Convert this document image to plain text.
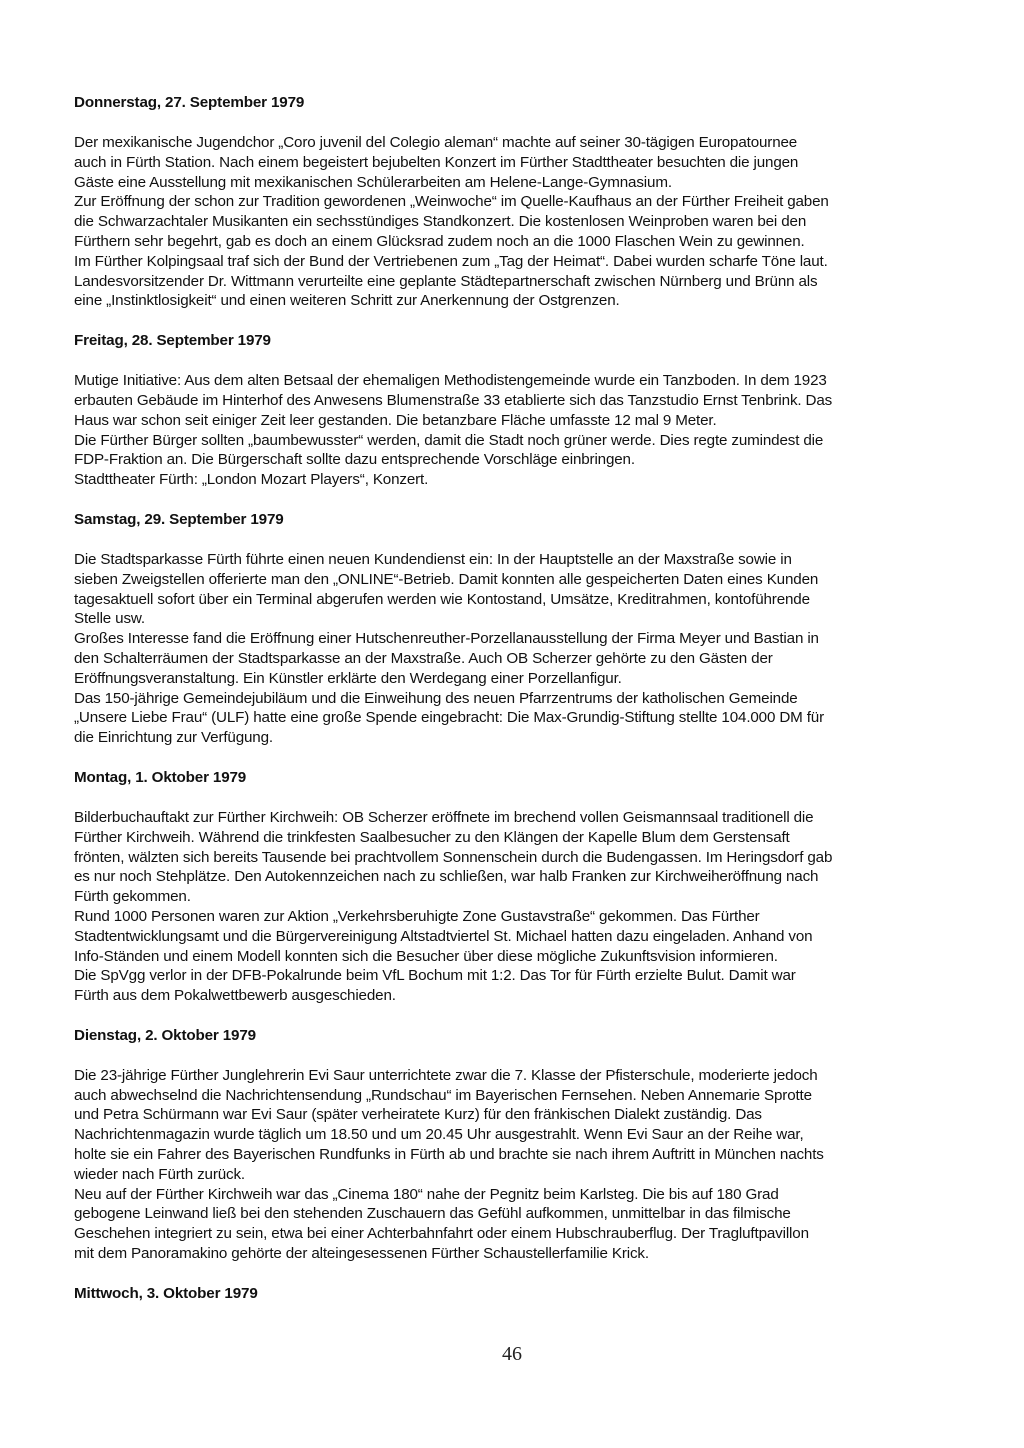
Donnerstag, 27. September 1979
Der mexikanische Jugendchor „Coro juvenil del Colegio aleman“ machte auf seiner 30-tägigen Europatournee
auch in Fürth Station. Nach einem begeistert bejubelten Konzert im Fürther Stadttheater besuchten die jungen
Gäste eine Ausstellung mit mexikanischen Schülerarbeiten am Helene-Lange-Gymnasium.
Zur Eröffnung der schon zur Tradition gewordenen „Weinwoche“ im Quelle-Kaufhaus an der Fürther Freiheit gaben
die Schwarzachtaler Musikanten ein sechsstündiges Standkonzert. Die kostenlosen Weinproben waren bei den
Fürthern sehr begehrt, gab es doch an einem Glücksrad zudem noch an die 1000 Flaschen Wein zu gewinnen.
Im Fürther Kolpingsaal traf sich der Bund der Vertriebenen zum „Tag der Heimat“. Dabei wurden scharfe Töne laut.
Landesvorsitzender Dr. Wittmann verurteilte eine geplante Städtepartnerschaft zwischen Nürnberg und Brünn als
eine „Instinktlosigkeit“ und einen weiteren Schritt zur Anerkennung der Ostgrenzen.
Freitag, 28. September 1979
Mutige Initiative: Aus dem alten Betsaal der ehemaligen Methodistengemeinde wurde ein Tanzboden. In dem 1923
erbauten Gebäude im Hinterhof des Anwesens Blumenstraße 33 etablierte sich das Tanzstudio Ernst Tenbrink. Das
Haus war schon seit einiger Zeit leer gestanden. Die betanzbare Fläche umfasste 12 mal 9 Meter.
Die Fürther Bürger sollten „baumbewusster“ werden, damit die Stadt noch grüner werde. Dies regte zumindest die
FDP-Fraktion an. Die Bürgerschaft sollte dazu entsprechende Vorschläge einbringen.
Stadttheater Fürth: „London Mozart Players“, Konzert.
Samstag, 29. September 1979
Die Stadtsparkasse Fürth führte einen neuen Kundendienst ein: In der Hauptstelle an der Maxstraße sowie in
sieben Zweigstellen offerierte man den „ONLINE“-Betrieb. Damit konnten alle gespeicherten Daten eines Kunden
tagesaktuell sofort über ein Terminal abgerufen werden wie Kontostand, Umsätze, Kreditrahmen, kontoführende
Stelle usw.
Großes Interesse fand die Eröffnung einer Hutschenreuther-Porzellanausstellung der Firma Meyer und Bastian in
den Schalterräumen der Stadtsparkasse an der Maxstraße. Auch OB Scherzer gehörte zu den Gästen der
Eröffnungsveranstaltung. Ein Künstler erklärte den Werdegang einer Porzellanfigur.
Das 150-jährige Gemeindejubiläum und die Einweihung des neuen Pfarrzentrums der katholischen Gemeinde
„Unsere Liebe Frau“ (ULF) hatte eine große Spende eingebracht: Die Max-Grundig-Stiftung stellte 104.000 DM für
die Einrichtung zur Verfügung.
Montag, 1. Oktober 1979
Bilderbuchauftakt zur Fürther Kirchweih: OB Scherzer eröffnete im brechend vollen Geismannsaal traditionell die
Fürther Kirchweih. Während die trinkfesten Saalbesucher zu den Klängen der Kapelle Blum dem Gerstensaft
frönten, wälzten sich bereits Tausende bei prachtvollem Sonnenschein durch die Budengassen. Im Heringsdorf gab
es nur noch Stehplätze. Den Autokennzeichen nach zu schließen, war halb Franken zur Kirchweiheröffnung nach
Fürth gekommen.
Rund 1000 Personen waren zur Aktion „Verkehrsberuhigte Zone Gustavstraße“ gekommen. Das Fürther
Stadtentwicklungsamt und die Bürgervereinigung Altstadtviertel St. Michael hatten dazu eingeladen. Anhand von
Info-Ständen und einem Modell konnten sich die Besucher über diese mögliche Zukunftsvision informieren.
Die SpVgg verlor in der DFB-Pokalrunde beim VfL Bochum mit 1:2. Das Tor für Fürth erzielte Bulut. Damit war
Fürth aus dem Pokalwettbewerb ausgeschieden.
Dienstag, 2. Oktober 1979
Die 23-jährige Fürther Junglehrerin Evi Saur unterrichtete zwar die 7. Klasse der Pfisterschule, moderierte jedoch
auch abwechselnd die Nachrichtensendung „Rundschau“ im Bayerischen Fernsehen. Neben Annemarie Sprotte
und Petra Schürmann war Evi Saur (später verheiratete Kurz) für den fränkischen Dialekt zuständig. Das
Nachrichtenmagazin wurde täglich um 18.50 und um 20.45 Uhr ausgestrahlt. Wenn Evi Saur an der Reihe war,
holte sie ein Fahrer des Bayerischen Rundfunks in Fürth ab und brachte sie nach ihrem Auftritt in München nachts
wieder nach Fürth zurück.
Neu auf der Fürther Kirchweih war das „Cinema 180“ nahe der Pegnitz beim Karlsteg. Die bis auf 180 Grad
gebogene Leinwand ließ bei den stehenden Zuschauern das Gefühl aufkommen, unmittelbar in das filmische
Geschehen integriert zu sein, etwa bei einer Achterbahnfahrt oder einem Hubschrauberflug. Der Tragluftpavillon
mit dem Panoramakino gehörte der alteingesessenen Fürther Schaustellerfamilie Krick.
Mittwoch, 3. Oktober 1979
46
